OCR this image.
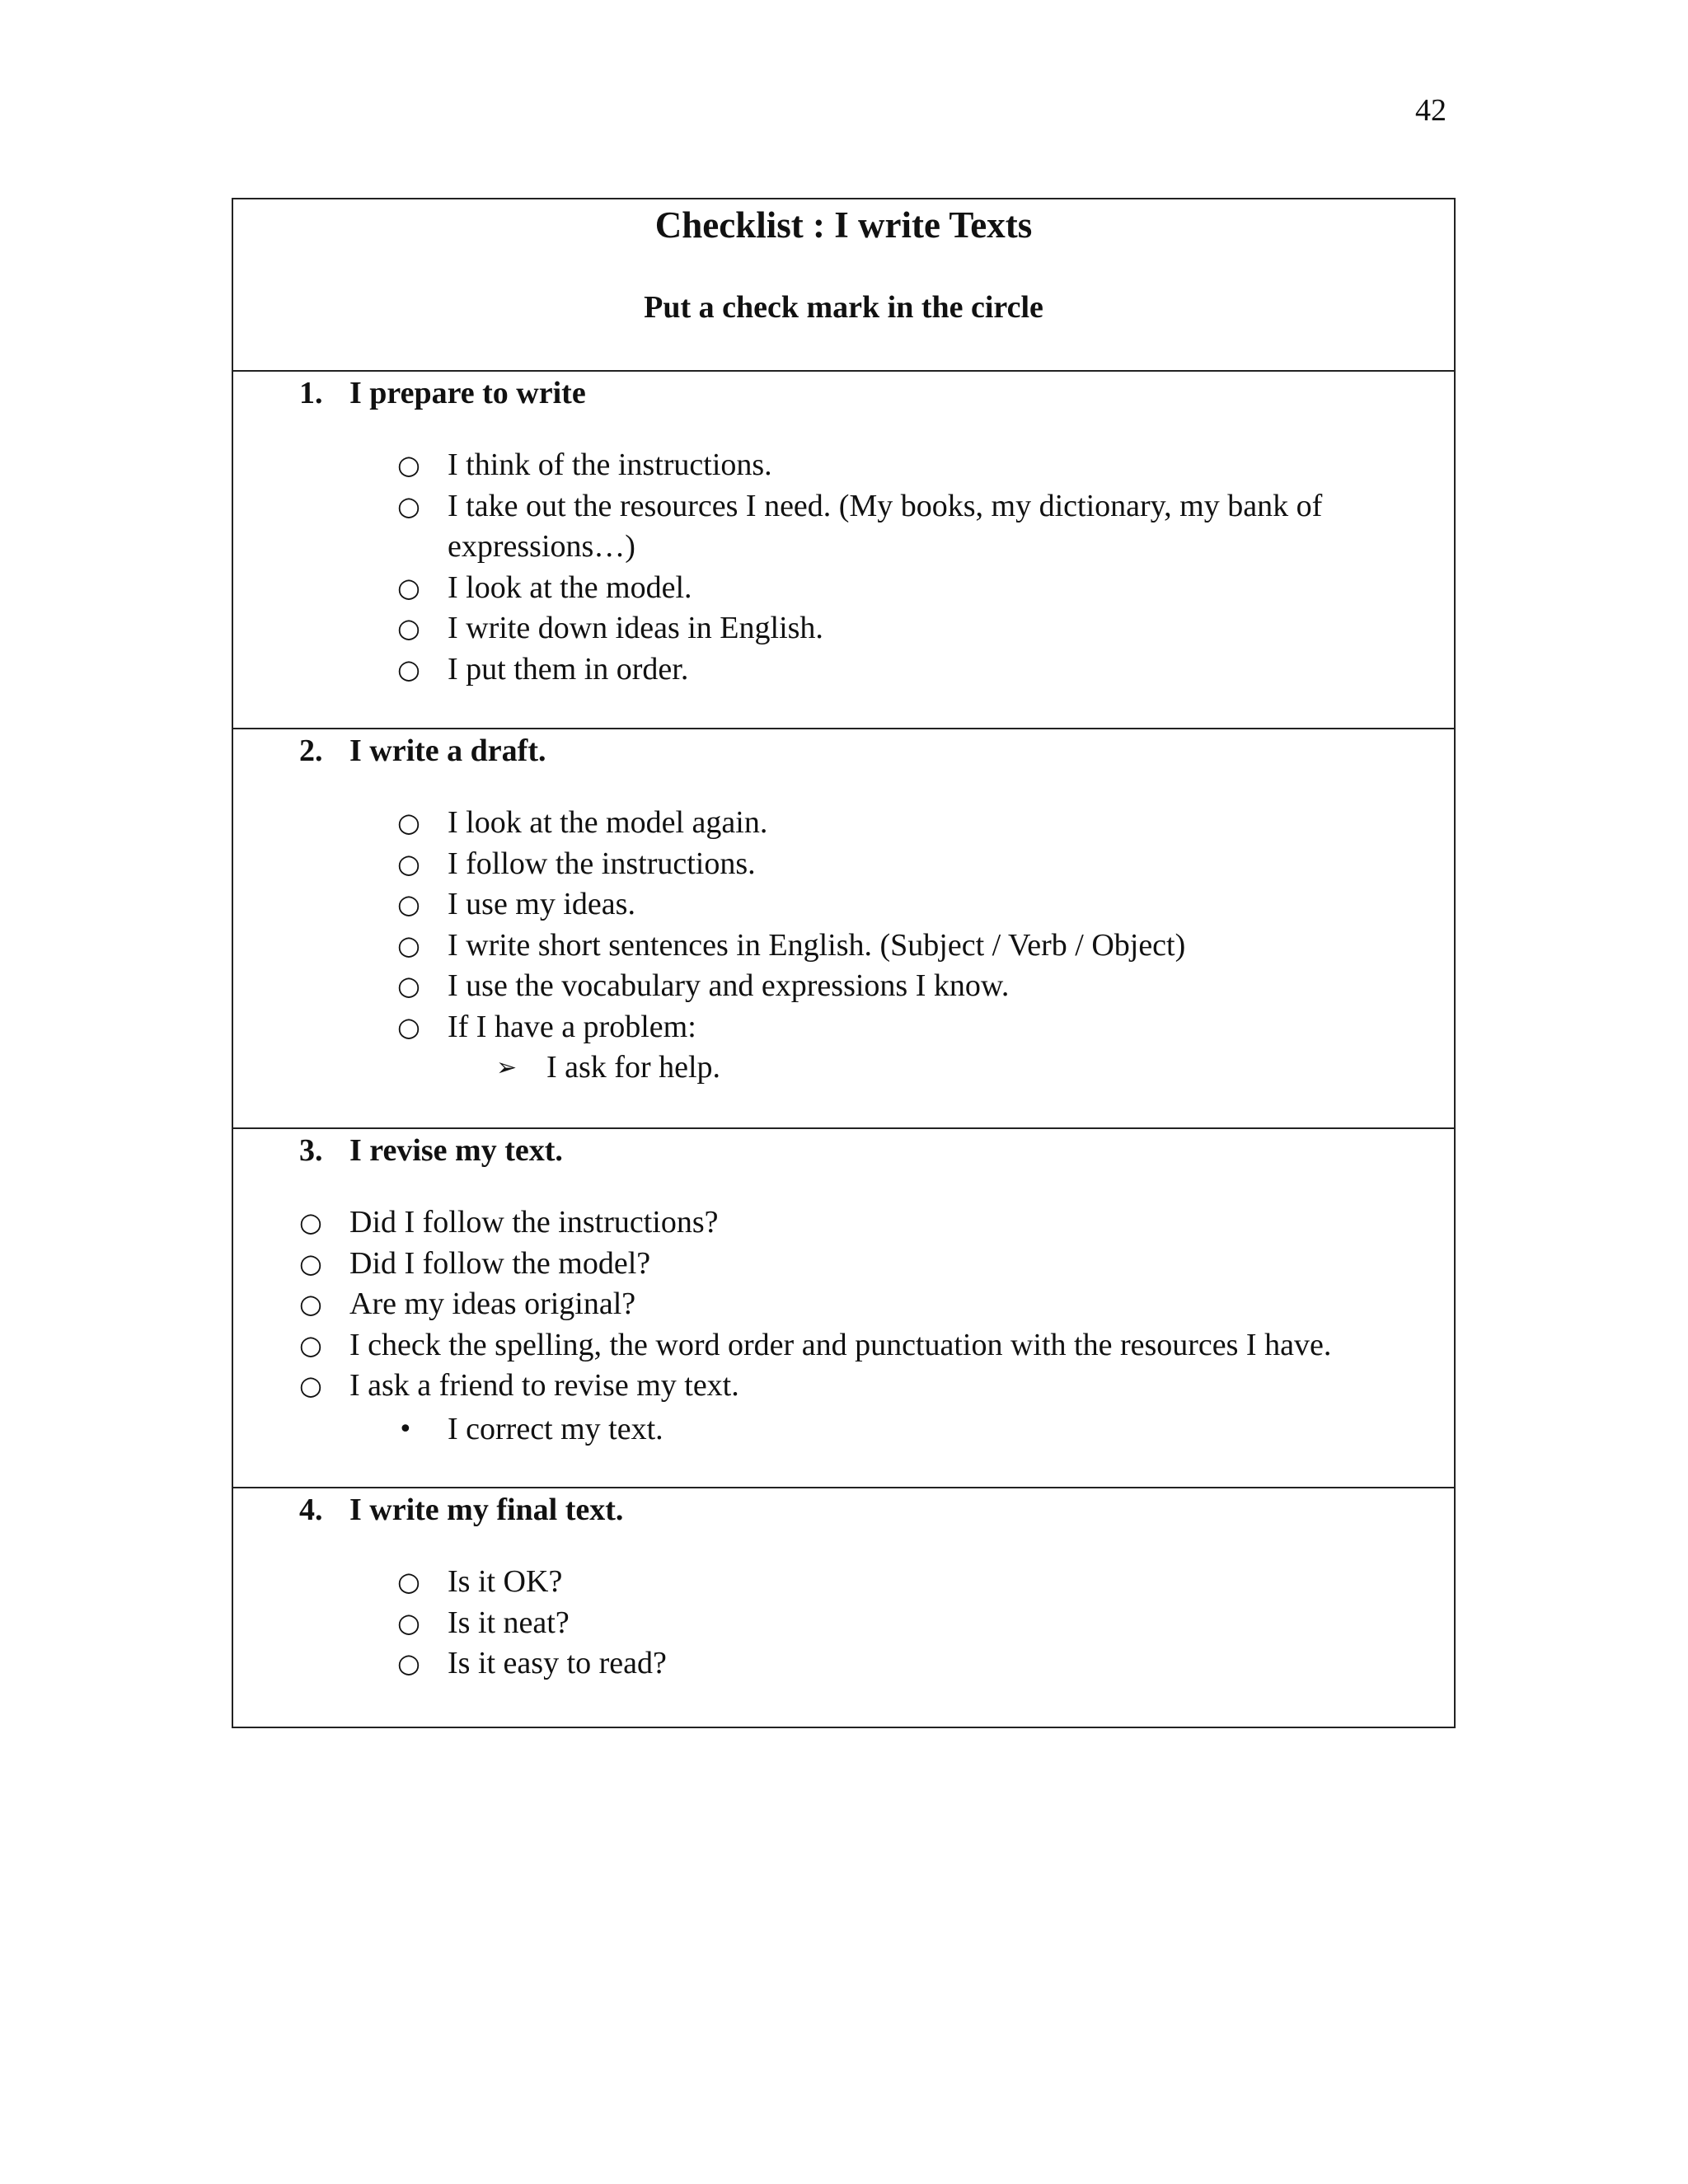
42
Checklist : I write Texts
Put a check mark in the circle
1. I prepare to write
○ I think of the instructions.
○ I take out the resources I need. (My books, my dictionary, my bank of expressions…)
○ I look at the model.
○ I write down ideas in English.
○ I put them in order.
2. I write a draft.
○ I look at the model again.
○ I follow the instructions.
○ I use my ideas.
○ I write short sentences in English. (Subject / Verb / Object)
○ I use the vocabulary and expressions I know.
○ If I have a problem:
➢ I ask for help.
3. I revise my text.
○ Did I follow the instructions?
○ Did I follow the model?
○ Are my ideas original?
○ I check the spelling, the word order and punctuation with the resources I have.
○ I ask a friend to revise my text.
•	I correct my text.
4. I write my final text.
○ Is it OK?
○ Is it neat?
○ Is it easy to read?
